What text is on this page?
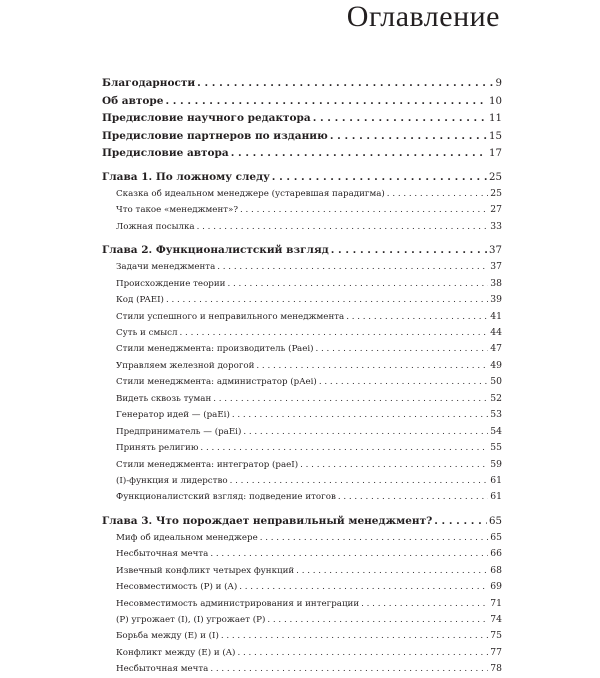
Оглавление
Благодарности . . .	9
Об авторе . . .	10
Предисловие научного редактора . . .	11
Предисловие партнеров по изданию . . .	15
Предисловие автора . . .	17
Глава 1. По ложному следу . . .	25
Сказка об идеальном менеджере (устаревшая парадигма) . . .	25
Что такое «менеджмент»? . . .	27
Ложная посылка . . .	33
Глава 2. Функционалистский взгляд . . .	37
Задачи менеджмента . . .	37
Происхождение теории . . .	38
Код (PAEI) . . .	39
Стили успешного и неправильного менеджмента . . .	41
Суть и смысл . . .	44
Стили менеджмента: производитель (Paei) . . .	47
Управляем железной дорогой . . .	49
Стили менеджмента: администратор (pAei) . . .	50
Видеть сквозь туман . . .	52
Генератор идей — (paEi) . . .	53
Предприниматель — (paEi) . . .	54
Принять религию . . .	55
Стили менеджмента: интегратор (paeI) . . .	59
(I)-функция и лидерство . . .	61
Функционалистский взгляд: подведение итогов . . .	61
Глава 3. Что порождает неправильный менеджмент? . . .	65
Миф об идеальном менеджере . . .	65
Несбыточная мечта . . .	66
Извечный конфликт четырех функций . . .	68
Несовместимость (P) и (A) . . .	69
Несовместимость администрирования и интеграции . . .	71
(P) угрожает (I), (I) угрожает (P) . . .	74
Борьба между (E) и (I) . . .	75
Конфликт между (E) и (A) . . .	77
Несбыточная мечта . . .	78
